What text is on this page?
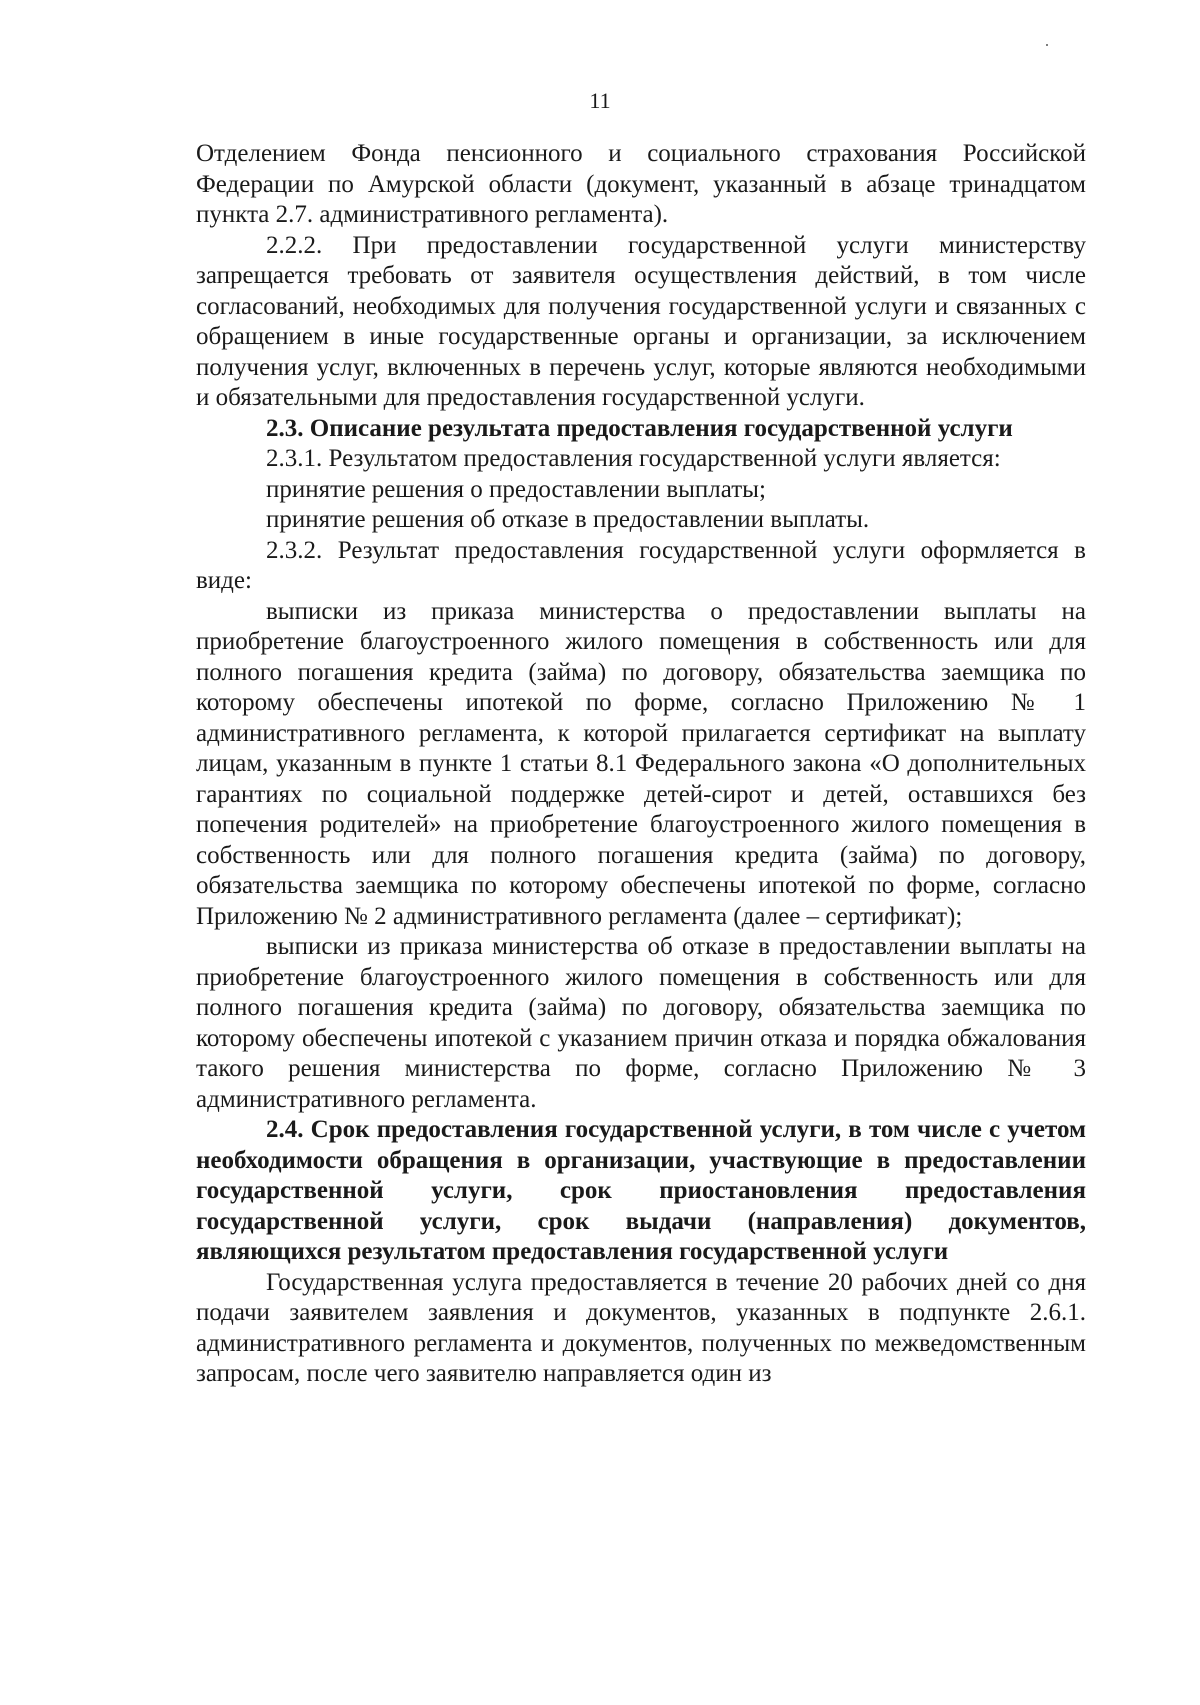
11

Отделением Фонда пенсионного и социального страхования Российской Федерации по Амурской области (документ, указанный в абзаце тринадцатом пункта 2.7. административного регламента).

2.2.2. При предоставлении государственной услуги министерству запрещается требовать от заявителя осуществления действий, в том числе согласований, необходимых для получения государственной услуги и связанных с обращением в иные государственные органы и организации, за исключением получения услуг, включенных в перечень услуг, которые являются необходимыми и обязательными для предоставления государственной услуги.

2.3. Описание результата предоставления государственной услуги

2.3.1. Результатом предоставления государственной услуги является:

принятие решения о предоставлении выплаты;

принятие решения об отказе в предоставлении выплаты.

2.3.2. Результат предоставления государственной услуги оформляется в виде:

выписки из приказа министерства о предоставлении выплаты на приобретение благоустроенного жилого помещения в собственность или для полного погашения кредита (займа) по договору, обязательства заемщика по которому обеспечены ипотекой по форме, согласно Приложению № 1 административного регламента, к которой прилагается сертификат на выплату лицам, указанным в пункте 1 статьи 8.1 Федерального закона «О дополнительных гарантиях по социальной поддержке детей-сирот и детей, оставшихся без попечения родителей» на приобретение благоустроенного жилого помещения в собственность или для полного погашения кредита (займа) по договору, обязательства заемщика по которому обеспечены ипотекой по форме, согласно Приложению № 2 административного регламента (далее – сертификат);

выписки из приказа министерства об отказе в предоставлении выплаты на приобретение благоустроенного жилого помещения в собственность или для полного погашения кредита (займа) по договору, обязательства заемщика по которому обеспечены ипотекой с указанием причин отказа и порядка обжалования такого решения министерства по форме, согласно Приложению № 3 административного регламента.

2.4. Срок предоставления государственной услуги, в том числе с учетом необходимости обращения в организации, участвующие в предоставлении государственной услуги, срок приостановления предоставления государственной услуги, срок выдачи (направления) документов, являющихся результатом предоставления государственной услуги

Государственная услуга предоставляется в течение 20 рабочих дней со дня подачи заявителем заявления и документов, указанных в подпункте 2.6.1. административного регламента и документов, полученных по межведомственным запросам, после чего заявителю направляется один из
